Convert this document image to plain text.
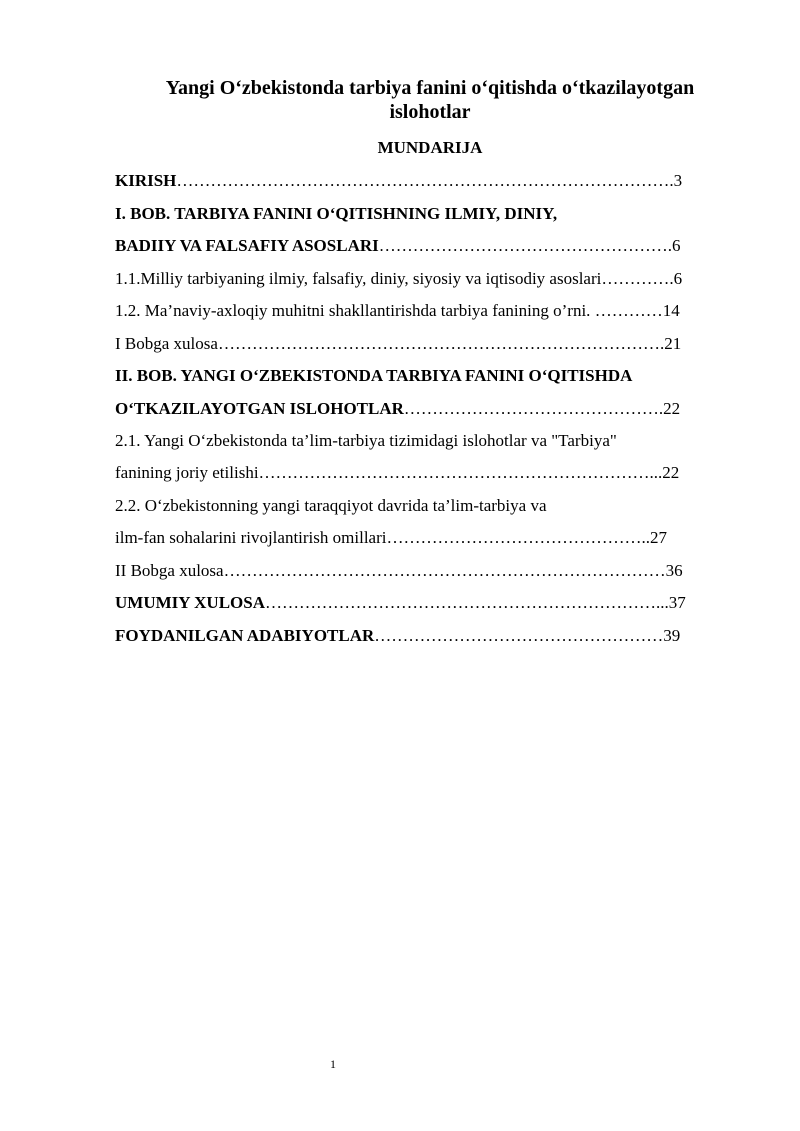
Yangi O‘zbekistonda tarbiya fanini o‘qitishda o‘tkazilayotgan
islohotlar
MUNDARIJA
KIRISH…………………………………………………………………………….3
I. BOB. TARBIYA FANINI O‘QITISHNING ILMIY, DINIY,
BADIIY VA FALSAFIY ASOSLARI…………………………………………….6
1.1.Milliy tarbiyaning ilmiy, falsafiy, diniy, siyosiy va iqtisodiy asoslari………….6
1.2. Ma’naviy-axloqiy muhitni shakllantirishda tarbiya fanining o’rni. …………14
I Bobga xulosa…………………………………………………………………….21
II. BOB. YANGI O‘ZBEKISTONDA TARBIYA FANINI O‘QITISHDA
O‘TKAZILAYOTGAN ISLOHOTLAR……………………………………….22
2.1. Yangi O‘zbekistonda ta’lim-tarbiya tizimidagi islohotlar va "Tarbiya"
fanining joriy etilishi……………………………………………………………...22
2.2. O‘zbekistonning yangi taraqqiyot davrida ta’lim-tarbiya va
ilm-fan sohalarini rivojlantirish omillari………………………………………..27
II Bobga xulosa……………………………………………………………………36
UMUMIY XULOSA……………………………………………………………...37
FOYDANILGAN ADABIYOTLAR……………………………………………39
1
